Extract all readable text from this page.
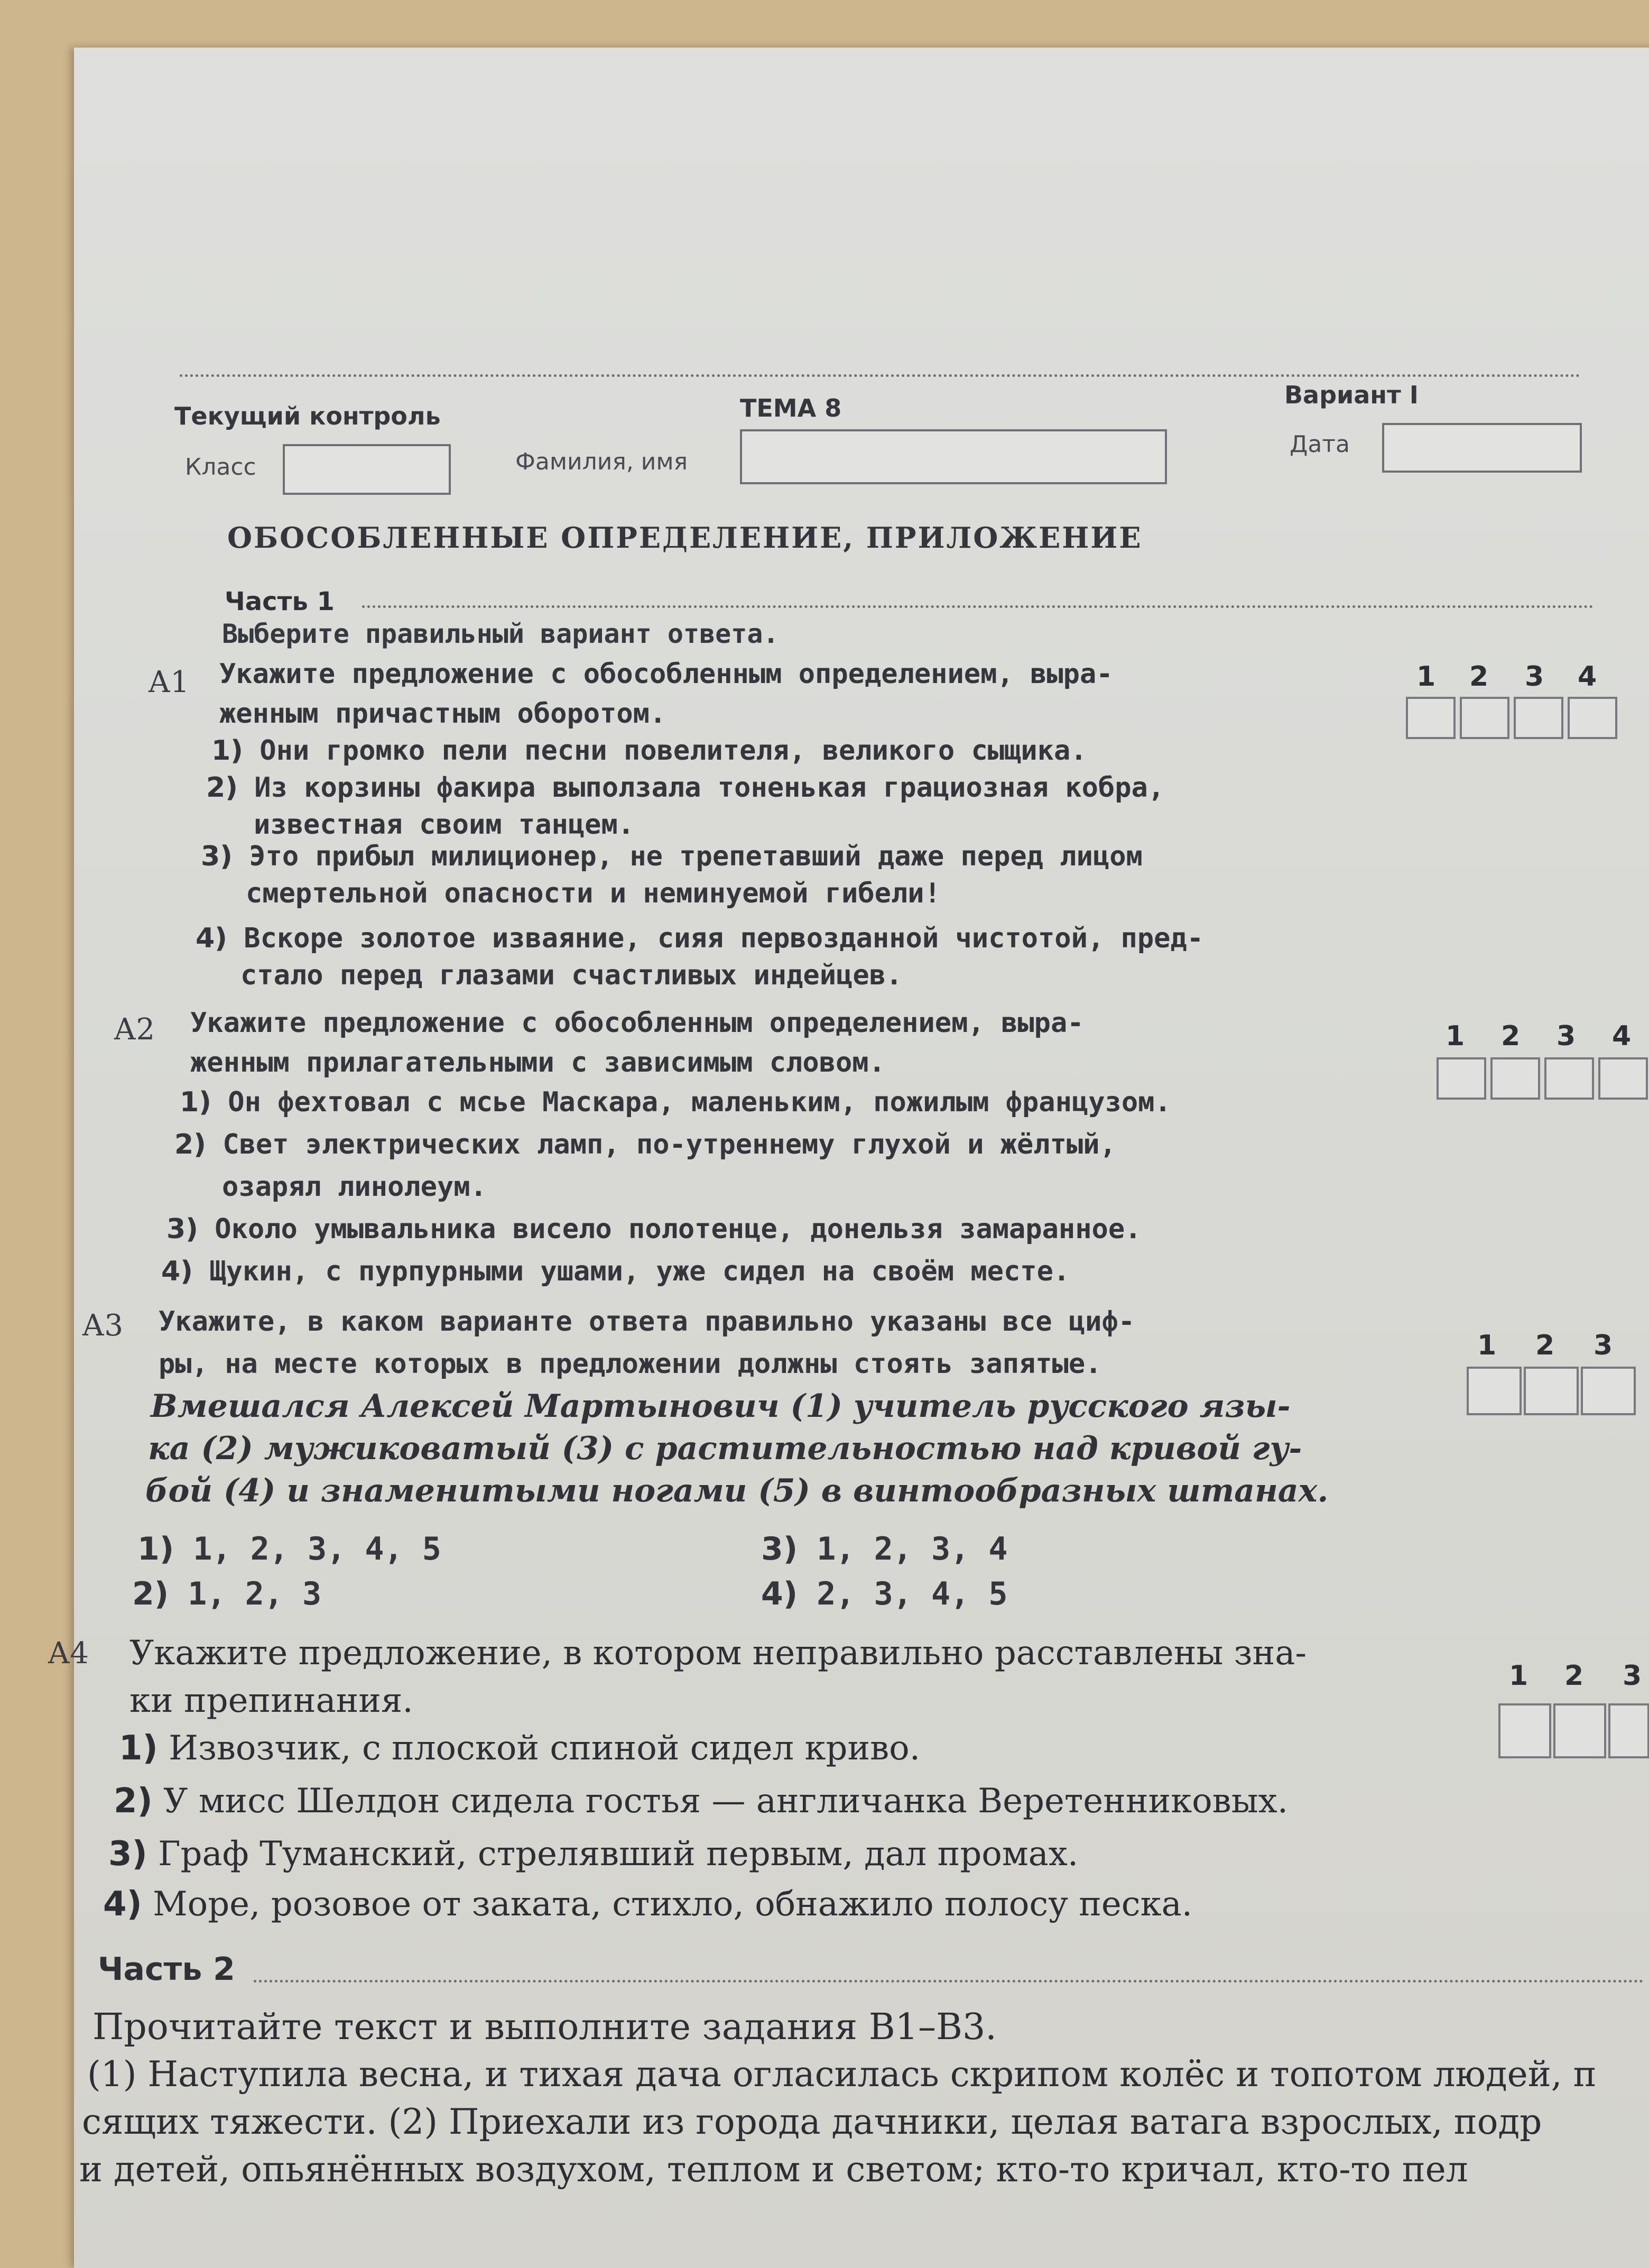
Текущий контроль	ТЕМА 8	Вариант I
Класс	Фамилия, имя
Дата
ОБОСОБЛЕННЫЕ ОПРЕДЕЛЕНИЕ, ПРИЛОЖЕНИЕ
Часть 1
Выберите правильный вариант ответа.
А1 Укажите предложение с обособленным определением, выра-
женным причастным оборотом.
1) Они громко пели песни повелителя, великого сыщика.
2) Из корзины факира выползала тоненькая грациозная кобра,
известная своим танцем.
3) Это прибыл милиционер, не трепетавший даже перед лицом
смертельной опасности и неминуемой гибели!
4) Вскоре золотое изваяние, сияя первозданной чистотой, пред-
стало перед глазами счастливых индейцев.
1 2 3 4
А2 Укажите предложение с обособленным определением, выра-
женным прилагательными с зависимым словом.
1) Он фехтовал с мсье Маскара, маленьким, пожилым французом.
2) Свет электрических ламп, по-утреннему глухой и жёлтый,
озарял линолеум.
3) Около умывальника висело полотенце, донельзя замаранное.
4) Щукин, с пурпурными ушами, уже сидел на своём месте.
1 2 3 4
А3 Укажите, в каком варианте ответа правильно указаны все циф-
ры, на месте которых в предложении должны стоять запятые.
Вмешался Алексей Мартынович (1) учитель русского язы-
ка (2) мужиковатый (3) с растительностью над кривой гу-
бой (4) и знаменитыми ногами (5) в винтообразных штанах.
1) 1, 2, 3, 4, 5
2) 1, 2, 3
3) 1, 2, 3, 4
4) 2, 3, 4, 5
1 2 3
А4 Укажите предложение, в котором неправильно расставлены зна-
ки препинания.
1) Извозчик, с плоской спиной сидел криво.
2) У мисс Шелдон сидела гостья — англичанка Веретенниковых.
3) Граф Туманский, стрелявший первым, дал промах.
4) Море, розовое от заката, стихло, обнажило полосу песка.
1 2 3
Часть 2
Прочитайте текст и выполните задания В1–В3.
(1) Наступила весна, и тихая дача огласилась скрипом колёс и топотом людей, п
сящих тяжести. (2) Приехали из города дачники, целая ватага взрослых, подр
и детей, опьянённых воздухом, теплом и светом; кто-то кричал, кто-то пел
